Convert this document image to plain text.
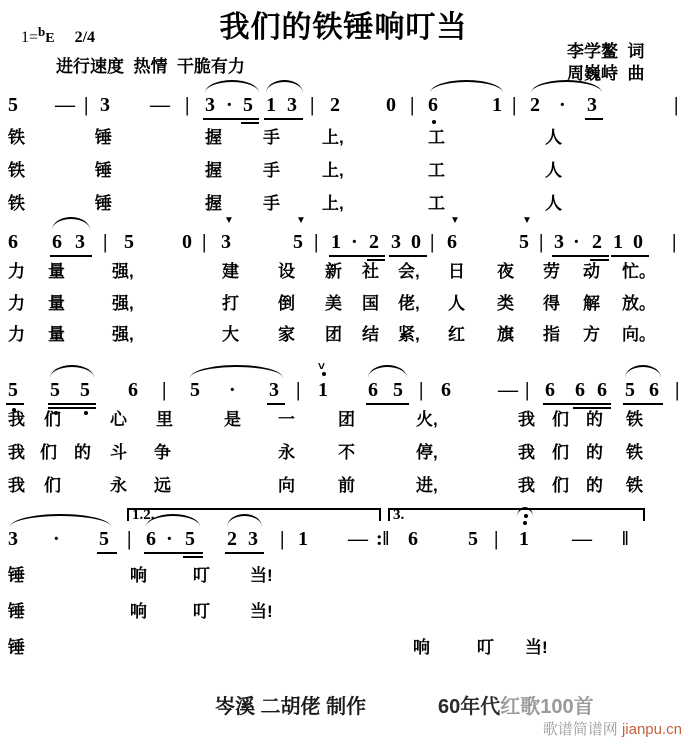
我们的铁锤响叮当
1=$^b$E 2/4
进行速度  热情  干脆有力
李学鳌  词
周巍峙  曲
5 — | 3 — | 3 · 5 1 3 | 2 0 | 6	1 | 2 · 3	|
铁	锤	握 手 上,	工	人
铁	锤	握 手 上,	工	人
铁	锤	握 手 上,	工	人
6 6 3 | 5 0 | 3	5 | 1 · 2 3 0 | 6	5 | 3 · 2 1 0 |
▼	▼	▼	▼
力 量	强,	建 设 新 社 会, 日 夜 劳 动 忙。
力 量	强,	打 倒 美 国 佬, 人 类 得 解 放。
力 量	强,	大 家 团 结 紧, 红 旗 指 方 向。
5 5 5 6 | 5 · 3 | 1 6 5 | 6 — | 6 6 6 5 6 |
>
我 们	心 里	是 一	团	火,	我 们 的 铁
我 们 的 斗 争	永	不	停,	我 们 的 铁
我 们	永 远	向	前	进,	我 们 的 铁
3 · 5 | 6 · 5 2 3 | 1 — :‖ 6	5 | 1 — ‖
1.2.	3.
锤	响	叮 当!
锤	响	叮 当!
锤	响	叮 当!
岑溪 二胡佬 制作	60年代红歌100首
歌谱简谱网 jianpu.cn
